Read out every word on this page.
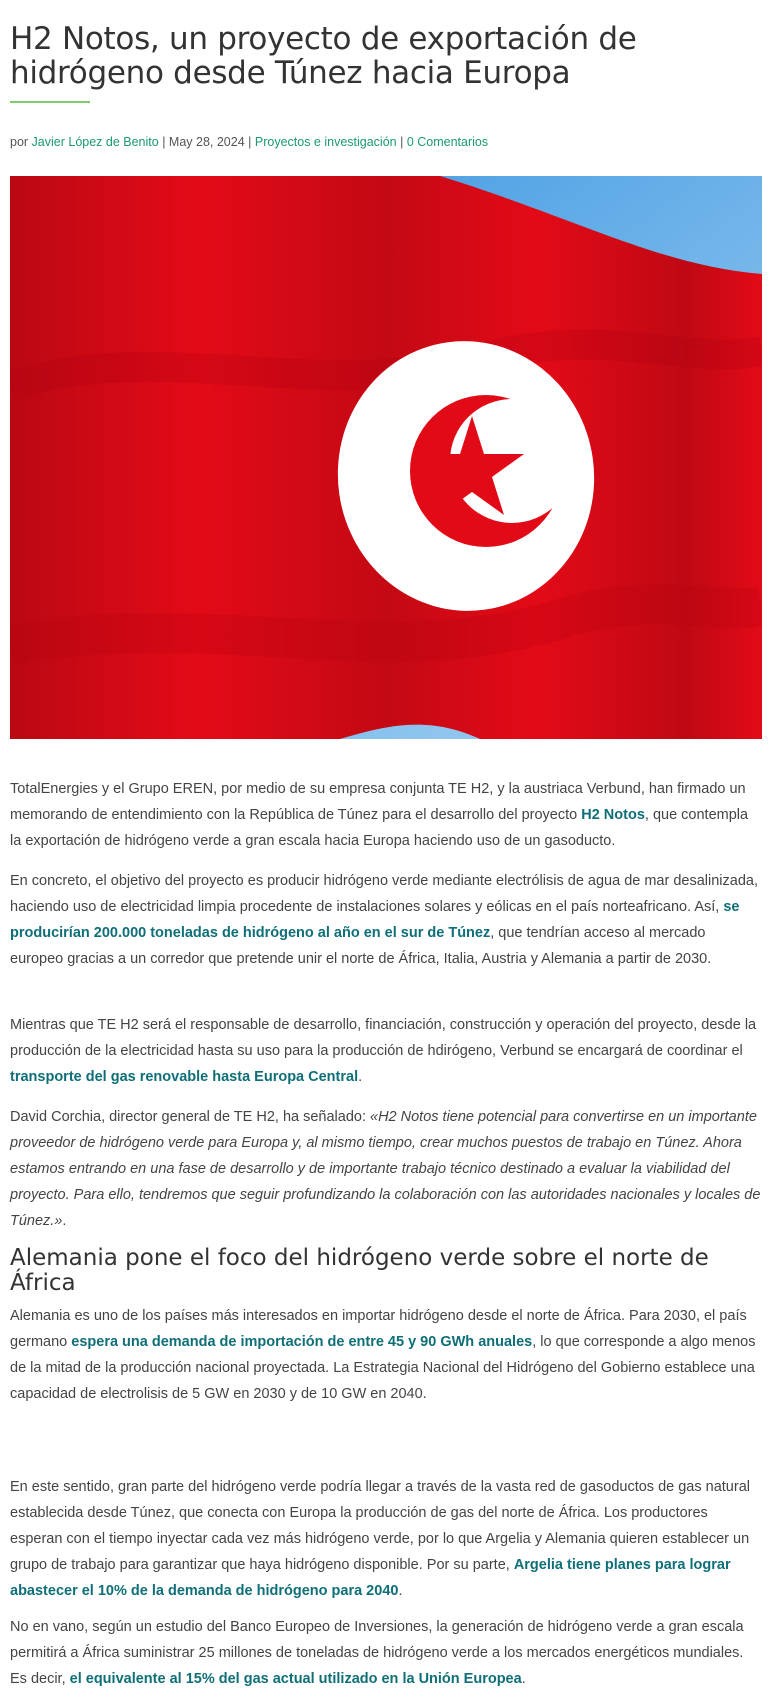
H2 Notos, un proyecto de exportación de hidrógeno desde Túnez hacia Europa
por Javier López de Benito | May 28, 2024 | Proyectos e investigación | 0 Comentarios

TotalEnergies y el Grupo EREN, por medio de su empresa conjunta TE H2, y la austriaca Verbund, han firmado un memorando de entendimiento con la República de Túnez para el desarrollo del proyecto H2 Notos, que contempla la exportación de hidrógeno verde a gran escala hacia Europa haciendo uso de un gasoducto.

En concreto, el objetivo del proyecto es producir hidrógeno verde mediante electrólisis de agua de mar desalinizada, haciendo uso de electricidad limpia procedente de instalaciones solares y eólicas en el país norteafricano. Así, se producirían 200.000 toneladas de hidrógeno al año en el sur de Túnez, que tendrían acceso al mercado europeo gracias a un corredor que pretende unir el norte de África, Italia, Austria y Alemania a partir de 2030.

Mientras que TE H2 será el responsable de desarrollo, financiación, construcción y operación del proyecto, desde la producción de la electricidad hasta su uso para la producción de hdirógeno, Verbund se encargará de coordinar el transporte del gas renovable hasta Europa Central.

David Corchia, director general de TE H2, ha señalado: «H2 Notos tiene potencial para convertirse en un importante proveedor de hidrógeno verde para Europa y, al mismo tiempo, crear muchos puestos de trabajo en Túnez. Ahora estamos entrando en una fase de desarrollo y de importante trabajo técnico destinado a evaluar la viabilidad del proyecto. Para ello, tendremos que seguir profundizando la colaboración con las autoridades nacionales y locales de Túnez.».

Alemania pone el foco del hidrógeno verde sobre el norte de África

Alemania es uno de los países más interesados en importar hidrógeno desde el norte de África. Para 2030, el país germano espera una demanda de importación de entre 45 y 90 GWh anuales, lo que corresponde a algo menos de la mitad de la producción nacional proyectada. La Estrategia Nacional del Hidrógeno del Gobierno establece una capacidad de electrolisis de 5 GW en 2030 y de 10 GW en 2040.

En este sentido, gran parte del hidrógeno verde podría llegar a través de la vasta red de gasoductos de gas natural establecida desde Túnez, que conecta con Europa la producción de gas del norte de África. Los productores esperan con el tiempo inyectar cada vez más hidrógeno verde, por lo que Argelia y Alemania quieren establecer un grupo de trabajo para garantizar que haya hidrógeno disponible. Por su parte, Argelia tiene planes para lograr abastecer el 10% de la demanda de hidrógeno para 2040.

No en vano, según un estudio del Banco Europeo de Inversiones, la generación de hidrógeno verde a gran escala permitirá a África suministrar 25 millones de toneladas de hidrógeno verde a los mercados energéticos mundiales. Es decir, el equivalente al 15% del gas actual utilizado en la Unión Europea.
